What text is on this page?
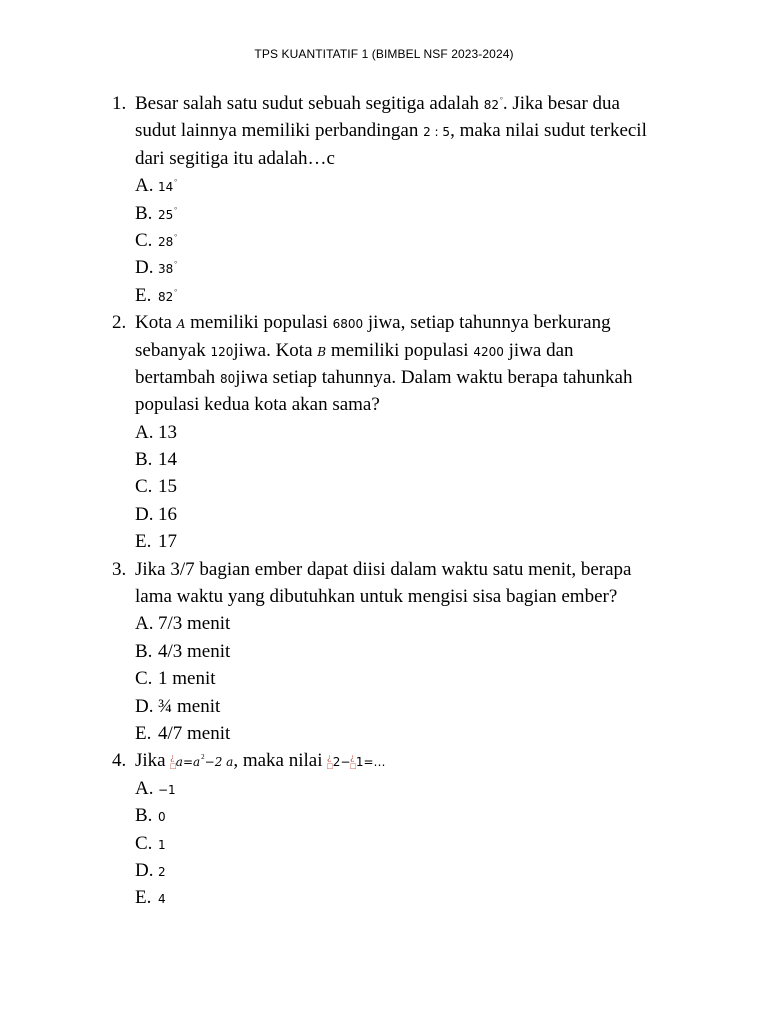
TPS KUANTITATIF 1 (BIMBEL NSF 2023-2024)
1. Besar salah satu sudut sebuah segitiga adalah 82°. Jika besar dua
sudut lainnya memiliki perbandingan 2 : 5, maka nilai sudut terkecil
dari segitiga itu adalah…c
A. 14°
B. 25°
C. 28°
D. 38°
E. 82°
2. Kota A memiliki populasi 6800 jiwa, setiap tahunnya berkurang
sebanyak 120jiwa. Kota B memiliki populasi 4200 jiwa dan
bertambah 80jiwa setiap tahunnya. Dalam waktu berapa tahunkah
populasi kedua kota akan sama?
A. 13
B. 14
C. 15
D. 16
E. 17
3. Jika 3/7 bagian ember dapat diisi dalam waktu satu menit, berapa
lama waktu yang dibutuhkan untuk mengisi sisa bagian ember?
A. 7/3 menit
B. 4/3 menit
C. 1 menit
D. ¾ menit
E. 4/7 menit
4. Jika ¿
□ $a=a^2-2$ a, maka nilai ¿
□ 2− ¿
□ 1=…
A. −1
B. 0
C. 1
D. 2
E. 4
